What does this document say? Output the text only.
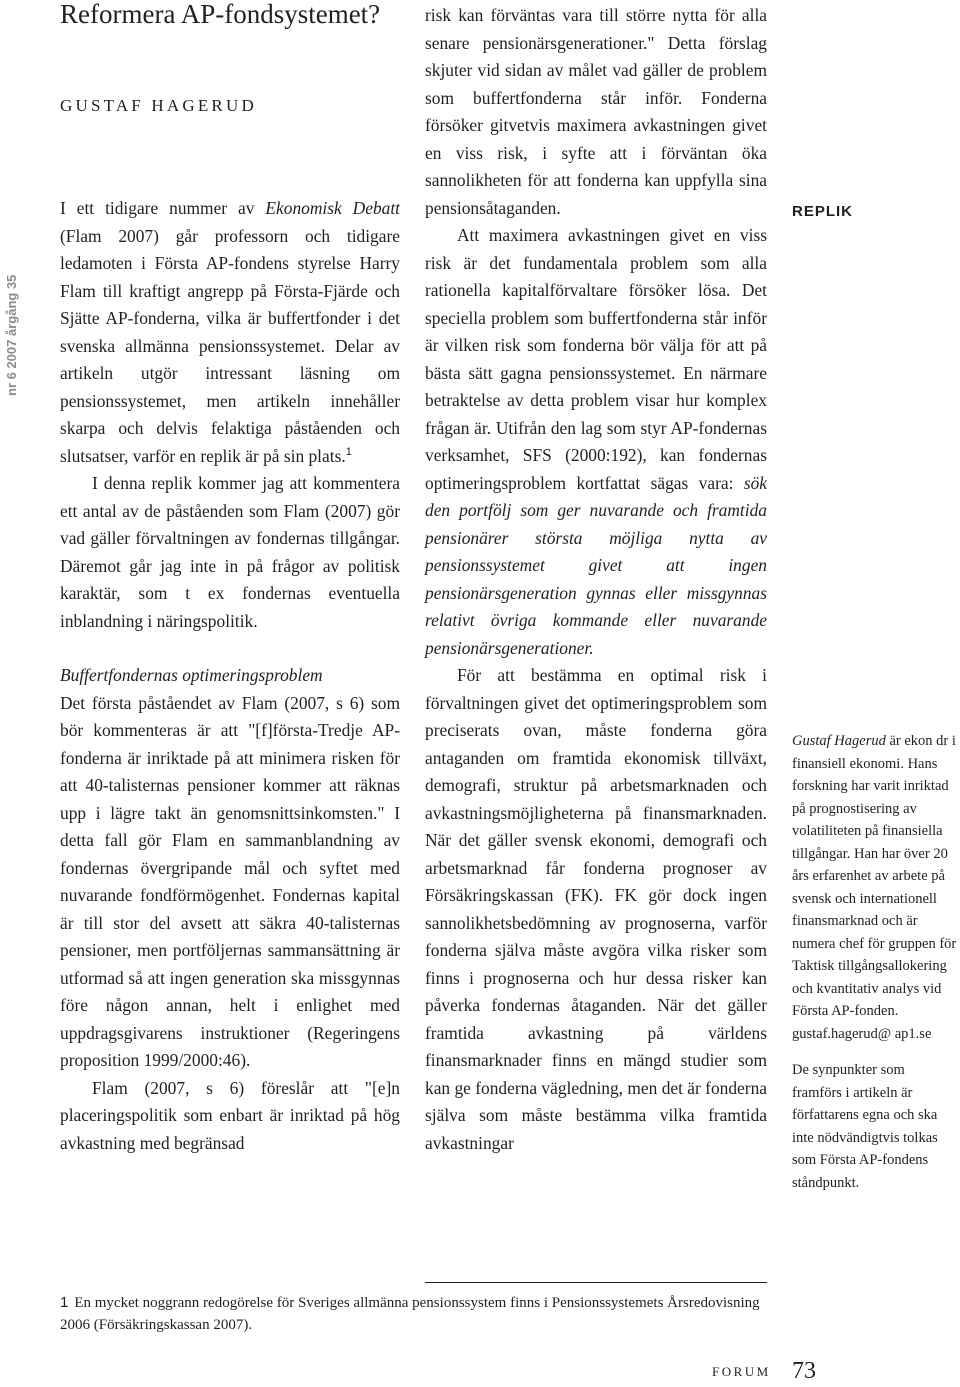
nr 6 2007 årgång 35
Reformera AP-fondsystemet?
GUSTAF HAGERUD

I ett tidigare nummer av Ekonomisk Debatt (Flam 2007) går professorn och tidigare ledamoten i Första AP-fondens styrelse Harry Flam till kraftigt angrepp på Första-Fjärde och Sjätte AP-fonderna, vilka är buffertfonder i det svenska allmänna pensionssystemet. Delar av artikeln utgör intressant läsning om pensionssystemet, men artikeln innehåller skarpa och delvis felaktiga påståenden och slutsatser, varför en replik är på sin plats.$^1$

I denna replik kommer jag att kommentera ett antal av de påståenden som Flam (2007) gör vad gäller förvaltningen av fondernas tillgångar. Däremot går jag inte in på frågor av politisk karaktär, som t ex fondernas eventuella inblandning i näringspolitik.

Buffertfondernas optimeringsproblem

Det första påståendet av Flam (2007, s 6) som bör kommenteras är att "[f]första-Tredje AP-fonderna är inriktade på att minimera risken för att 40-talisternas pensioner kommer att räknas upp i lägre takt än genomsnittsinkomsten." I detta fall gör Flam en sammanblandning av fondernas övergripande mål och syftet med nuvarande fondförmögenhet. Fondernas kapital är till stor del avsett att säkra 40-talisternas pensioner, men portföljernas sammansättning är utformad så att ingen generation ska missgynnas före någon annan, helt i enlighet med uppdragsgivarens instruktioner (Regeringens proposition 1999/2000:46).

Flam (2007, s 6) föreslår att "[e]n placeringspolitik som enbart är inriktad på hög avkastning med begränsad

risk kan förväntas vara till större nytta för alla senare pensionärsgenerationer." Detta förslag skjuter vid sidan av målet vad gäller de problem som buffertfonderna står inför. Fonderna försöker gitvetvis maximera avkastningen givet en viss risk, i syfte att i förväntan öka sannolikheten för att fonderna kan uppfylla sina pensionsåtaganden.

Att maximera avkastningen givet en viss risk är det fundamentala problem som alla rationella kapitalförvaltare försöker lösa. Det speciella problem som buffertfonderna står inför är vilken risk som fonderna bör välja för att på bästa sätt gagna pensionssystemet. En närmare betraktelse av detta problem visar hur komplex frågan är. Utifrån den lag som styr AP-fondernas verksamhet, SFS (2000:192), kan fondernas optimeringsproblem kortfattat sägas vara: sök den portfölj som ger nuvarande och framtida pensionärer största möjliga nytta av pensionssystemet givet att ingen pensionärsgeneration gynnas eller missgynnas relativt övriga kommande eller nuvarande pensionärsgenerationer.

För att bestämma en optimal risk i förvaltningen givet det optimeringsproblem som preciserats ovan, måste fonderna göra antaganden om framtida ekonomisk tillväxt, demografi, struktur på arbetsmarknaden och avkastningsmöjligheterna på finansmarknaden. När det gäller svensk ekonomi, demografi och arbetsmarknad får fonderna prognoser av Försäkringskassan (FK). FK gör dock ingen sannolikhetsbedömning av prognoserna, varför fonderna själva måste avgöra vilka risker som finns i prognoserna och hur dessa risker kan påverka fondernas åtaganden. När det gäller framtida avkastning på världens finansmarknader finns en mängd studier som kan ge fonderna vägledning, men det är fonderna själva som måste bestämma vilka framtida avkastningar

REPLIK

Gustaf Hagerud är ekon dr i finansiell ekonomi. Hans forskning har varit inriktad på prognostisering av volatiliteten på finansiella tillgångar. Han har över 20 års erfarenhet av arbete på svensk och internationell finansmarknad och är numera chef för gruppen för Taktisk tillgångsallokering och kvantitativ analys vid Första AP-fonden. gustaf.hagerud@ ap1.se

De synpunkter som framförs i artikeln är författarens egna och ska inte nödvändigtvis tolkas som Första AP-fondens ståndpunkt.

1 En mycket noggrann redogörelse för Sveriges allmänna pensionssystem finns i Pensionssystemets Årsredovisning 2006 (Försäkringskassan 2007).
FORUM 73
